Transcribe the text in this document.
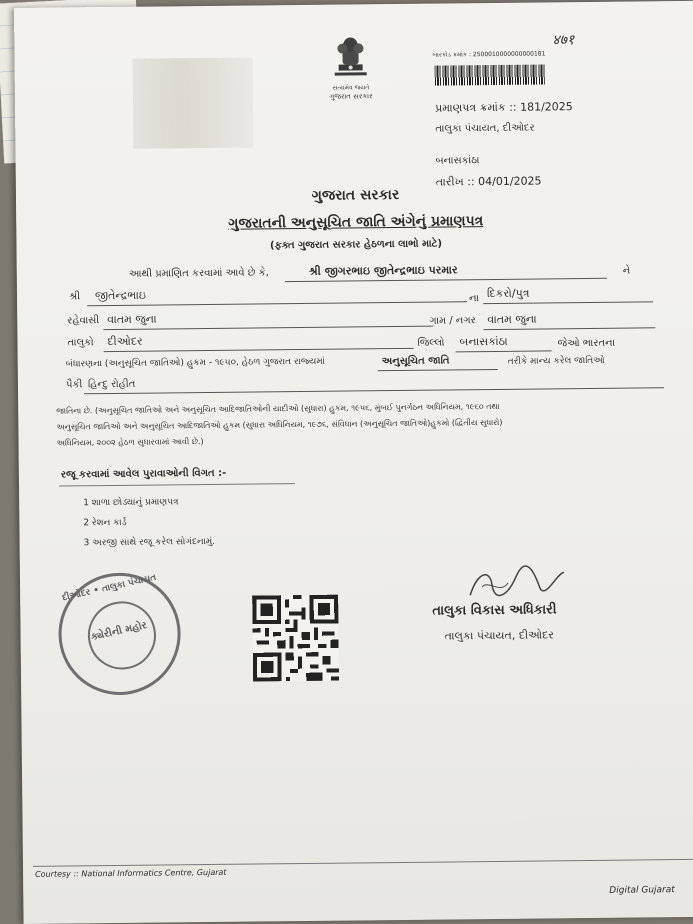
સત્યમેવ જયતે
ગુજરાત સરકાર
બારકોડ ક્રમાંક : 2500010000000000181
४७१
પ્રમાણપત્ર ક્રમાંક :: 181/2025
તાલુકા પંચાયત, દીઓદર
બનાસકાંઠા
તારીખ :: 04/01/2025
ગુજરાત સરકાર
ગુજરાતની અનુસૂચિત જાતિ અંગેનું પ્રમાણપત્ર
(ફક્ત ગુજરાત સરકાર હેઠળના લાભો માટે)
આથી પ્રમાણિત કરવામાં આવે છે કે,	શ્રી જીગરભાઇ જીતેન્દ્રભાઇ પરમાર	ને
શ્રી જીતેન્દ્રભાઇ	ના દિકરો/પુત્ર
રહેવાસી વાતમ જુના	ગામ / નગર વાતમ જુના
તાલુકો દીઓદર	જિલ્લો બનાસકાંઠા	જેઓ ભારતના
બંધારણના (અનુસૂચિત જાતિઓ) હુકમ - ૧૯૫૦, હેઠળ ગુજરાત રાજ્યમાં	અનુસૂચિત જાતિ	તરીકે માન્ય કરેલ જાતિઓ
પૈકી હિન્દુ રોહીત
જાતિના છે. (અનુસૂચિત જાતિઓ અને અનુસૂચિત આદિજાતિઓની યાદીઓ (સુધારા) હુકમ, ૧૯૫૬, મુંબઈ પુનર્ગઠન અધિનિયમ, ૧૯૬૦ તથા
અનુસૂચિત જાતિઓ અને અનુસૂચિત આદિજાતિઓ હુકમ (સુધારા અધિનિયમ, ૧૯૭૬, સંવિધાન (અનુસૂચિત જાતિઓ)હુકમો (દ્વિતીય સુધારો)
અધિનિયમ, ૨૦૦૨ હેઠળ સુધારવામાં આવી છે.)
રજૂ કરવામાં આવેલ પુરાવાઓની વિગત :-
1 શાળા છોડ્યાનું પ્રમાણપત્ર
2 રેશન કાર્ડ
3 અરજી સાથે રજૂ કરેલ સોગંદનામું.
દીઓદર • તાલુકા પંચાયત
ક્યેરીની મહોર
તાલુકા વિકાસ અધિકારી
તાલુકા પંચાયત, દીઓદર
Courtesy :: National Informatics Centre, Gujarat
Digital Gujarat
